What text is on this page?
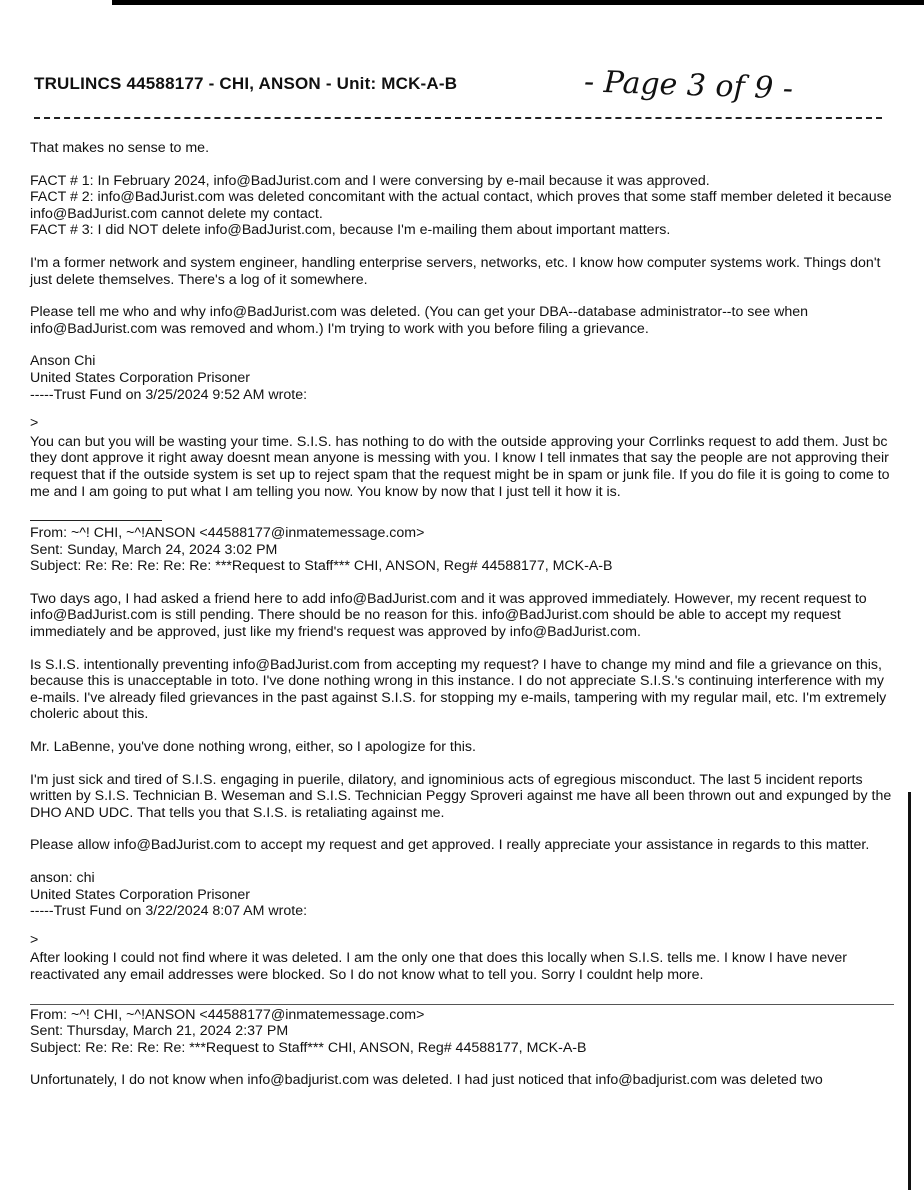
TRULINCS 44588177 - CHI, ANSON - Unit: MCK-A-B	- Page 3 of 9 -

That makes no sense to me.

FACT # 1: In February 2024, info@BadJurist.com and I were conversing by e-mail because it was approved.
FACT # 2: info@BadJurist.com was deleted concomitant with the actual contact, which proves that some staff member deleted it because info@BadJurist.com cannot delete my contact.
FACT # 3: I did NOT delete info@BadJurist.com, because I'm e-mailing them about important matters.

I'm a former network and system engineer, handling enterprise servers, networks, etc. I know how computer systems work. Things don't just delete themselves. There's a log of it somewhere.

Please tell me who and why info@BadJurist.com was deleted. (You can get your DBA--database administrator--to see when info@BadJurist.com was removed and whom.) I'm trying to work with you before filing a grievance.

Anson Chi
United States Corporation Prisoner
-----Trust Fund on 3/25/2024 9:52 AM wrote:

>

You can but you will be wasting your time. S.I.S. has nothing to do with the outside approving your Corrlinks request to add them. Just bc they dont approve it right away doesnt mean anyone is messing with you. I know I tell inmates that say the people are not approving their request that if the outside system is set up to reject spam that the request might be in spam or junk file. If you do file it is going to come to me and I am going to put what I am telling you now. You know by now that I just tell it how it is.

From: ~^! CHI, ~^!ANSON <44588177@inmatemessage.com>
Sent: Sunday, March 24, 2024 3:02 PM
Subject: Re: Re: Re: Re: Re: ***Request to Staff*** CHI, ANSON, Reg# 44588177, MCK-A-B

Two days ago, I had asked a friend here to add info@BadJurist.com and it was approved immediately. However, my recent request to info@BadJurist.com is still pending. There should be no reason for this. info@BadJurist.com should be able to accept my request immediately and be approved, just like my friend's request was approved by info@BadJurist.com.

Is S.I.S. intentionally preventing info@BadJurist.com from accepting my request? I have to change my mind and file a grievance on this, because this is unacceptable in toto. I've done nothing wrong in this instance. I do not appreciate S.I.S.'s continuing interference with my e-mails. I've already filed grievances in the past against S.I.S. for stopping my e-mails, tampering with my regular mail, etc. I'm extremely choleric about this.

Mr. LaBenne, you've done nothing wrong, either, so I apologize for this.

I'm just sick and tired of S.I.S. engaging in puerile, dilatory, and ignominious acts of egregious misconduct. The last 5 incident reports written by S.I.S. Technician B. Weseman and S.I.S. Technician Peggy Sproveri against me have all been thrown out and expunged by the DHO AND UDC. That tells you that S.I.S. is retaliating against me.

Please allow info@BadJurist.com to accept my request and get approved. I really appreciate your assistance in regards to this matter.

anson: chi
United States Corporation Prisoner
-----Trust Fund on 3/22/2024 8:07 AM wrote:

>

After looking I could not find where it was deleted. I am the only one that does this locally when S.I.S. tells me. I know I have never reactivated any email addresses were blocked. So I do not know what to tell you. Sorry I couldnt help more.

From: ~^! CHI, ~^!ANSON <44588177@inmatemessage.com>
Sent: Thursday, March 21, 2024 2:37 PM
Subject: Re: Re: Re: Re: ***Request to Staff*** CHI, ANSON, Reg# 44588177, MCK-A-B

Unfortunately, I do not know when info@badjurist.com was deleted. I had just noticed that info@badjurist.com was deleted two
